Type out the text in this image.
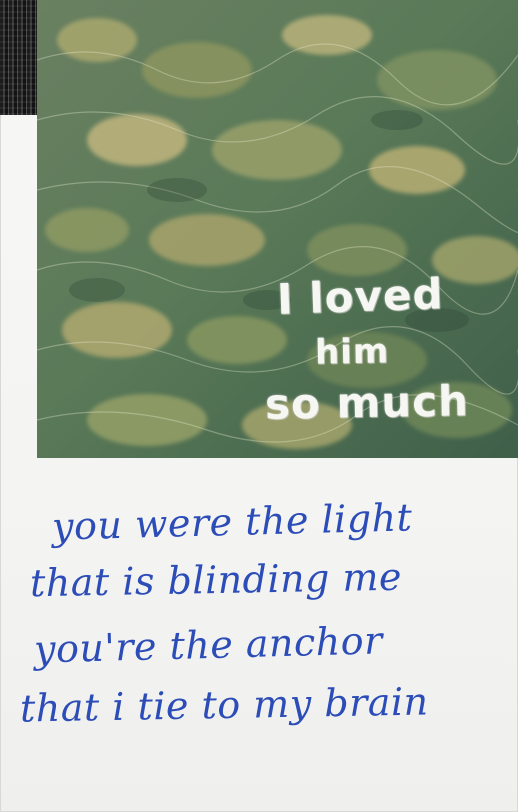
I loved
him
so much
you were the light
that is blinding me
you're the anchor
that i tie to my brain
